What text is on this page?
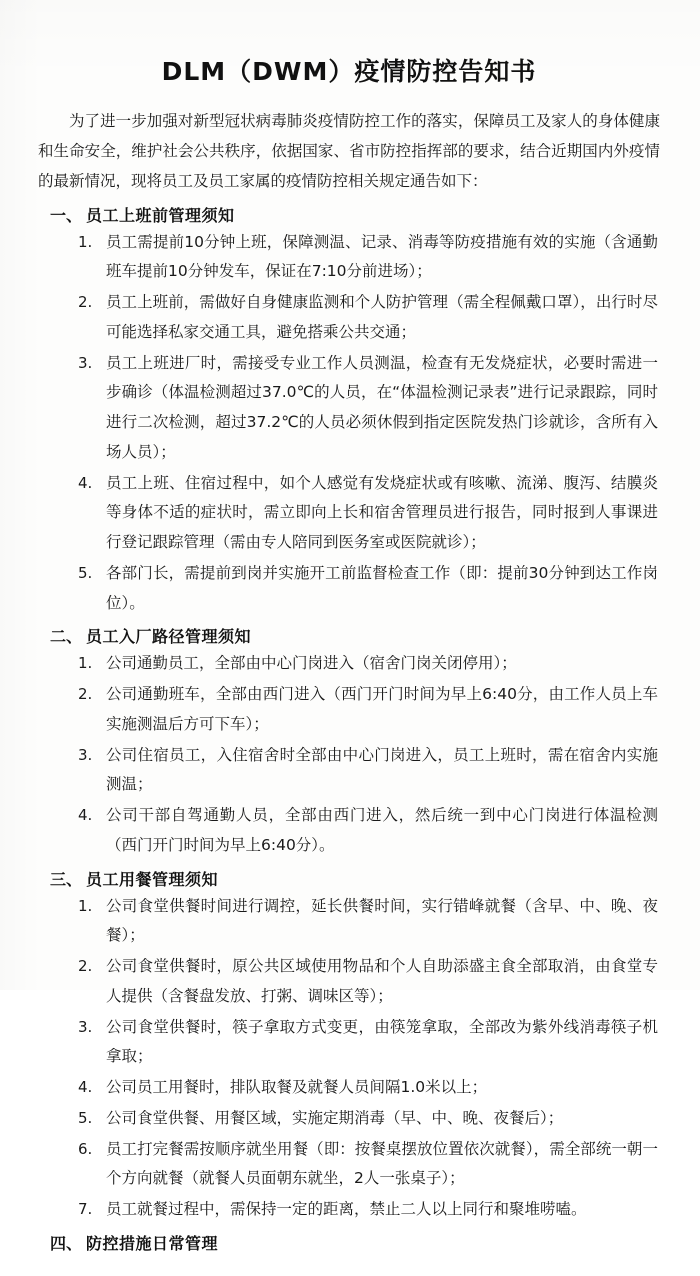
DLM（DWM）疫情防控告知书

为了进一步加强对新型冠状病毒肺炎疫情防控工作的落实，保障员工及家人的身体健康和生命安全，维护社会公共秩序，依据国家、省市防控指挥部的要求，结合近期国内外疫情的最新情况，现将员工及员工家属的疫情防控相关规定通告如下：

一、 员工上班前管理须知
1. 员工需提前10分钟上班，保障测温、记录、消毒等防疫措施有效的实施（含通勤班车提前10分钟发车，保证在7:10分前进场）；
2. 员工上班前，需做好自身健康监测和个人防护管理（需全程佩戴口罩），出行时尽可能选择私家交通工具，避免搭乘公共交通；
3. 员工上班进厂时，需接受专业工作人员测温，检查有无发烧症状，必要时需进一步确诊（体温检测超过37.0℃的人员，在“体温检测记录表”进行记录跟踪，同时进行二次检测，超过37.2℃的人员必须休假到指定医院发热门诊就诊，含所有入场人员）；
4. 员工上班、住宿过程中，如个人感觉有发烧症状或有咳嗽、流涕、腹泻、结膜炎等身体不适的症状时，需立即向上长和宿舍管理员进行报告，同时报到人事课进行登记跟踪管理（需由专人陪同到医务室或医院就诊）；
5. 各部门长，需提前到岗并实施开工前监督检查工作（即：提前30分钟到达工作岗位）。
二、 员工入厂路径管理须知
1. 公司通勤员工，全部由中心门岗进入（宿舍门岗关闭停用）；
2. 公司通勤班车，全部由西门进入（西门开门时间为早上6:40分，由工作人员上车实施测温后方可下车）；
3. 公司住宿员工，入住宿舍时全部由中心门岗进入，员工上班时，需在宿舍内实施测温；
4. 公司干部自驾通勤人员，全部由西门进入，然后统一到中心门岗进行体温检测（西门开门时间为早上6:40分）。
三、 员工用餐管理须知
1. 公司食堂供餐时间进行调控，延长供餐时间，实行错峰就餐（含早、中、晚、夜餐）；
2. 公司食堂供餐时，原公共区域使用物品和个人自助添盛主食全部取消，由食堂专人提供（含餐盘发放、打粥、调味区等）；
3. 公司食堂供餐时，筷子拿取方式变更，由筷笼拿取，全部改为紫外线消毒筷子机拿取；
4. 公司员工用餐时，排队取餐及就餐人员间隔1.0米以上；
5. 公司食堂供餐、用餐区域，实施定期消毒（早、中、晚、夜餐后）；
6. 员工打完餐需按顺序就坐用餐（即：按餐桌摆放位置依次就餐），需全部统一朝一个方向就餐（就餐人员面朝东就坐，2人一张桌子）；
7. 员工就餐过程中，需保持一定的距离，禁止二人以上同行和聚堆唠嗑。
四、 防控措施日常管理
